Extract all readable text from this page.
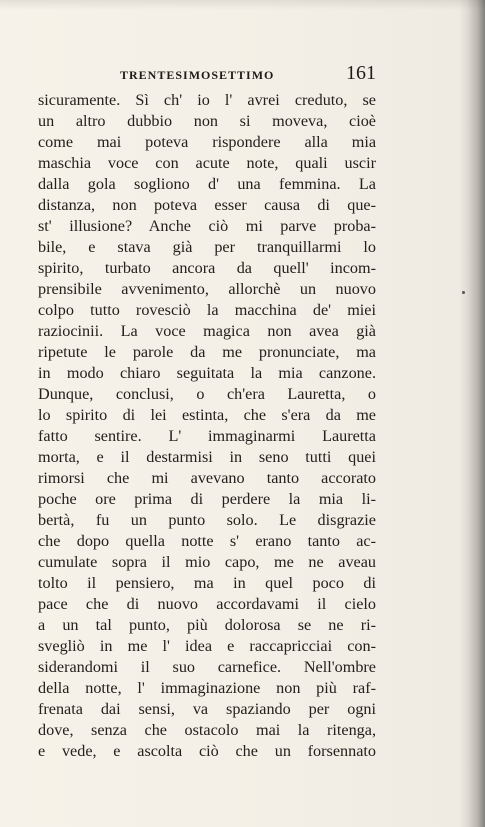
TRENTESIMOSETTIMO	161
sicuramente. Sì ch' io l' avrei creduto, se
un altro dubbio non si moveva, cioè
come mai poteva rispondere alla mia
maschia voce con acute note, quali uscir
dalla gola sogliono d' una femmina. La
distanza, non poteva esser causa di que-
st' illusione? Anche ciò mi parve proba-
bile, e stava già per tranquillarmi lo
spirito, turbato ancora da quell' incom-
prensibile avvenimento, allorchè un nuovo
colpo tutto rovesciò la macchina de' miei
raziocinii. La voce magica non avea già
ripetute le parole da me pronunciate, ma
in modo chiaro seguitata la mia canzone.
Dunque, conclusi, o ch'era Lauretta, o
lo spirito di lei estinta, che s'era da me
fatto sentire. L' immaginarmi Lauretta
morta, e il destarmisi in seno tutti quei
rimorsi che mi avevano tanto accorato
poche ore prima di perdere la mia li-
bertà, fu un punto solo. Le disgrazie
che dopo quella notte s' erano tanto ac-
cumulate sopra il mio capo, me ne aveau
tolto il pensiero, ma in quel poco di
pace che di nuovo accordavami il cielo
a un tal punto, più dolorosa se ne ri-
svegliò in me l' idea e raccapricciai con-
siderandomi il suo carnefice. Nell'ombre
della notte, l' immaginazione non più raf-
frenata dai sensi, va spaziando per ogni
dove, senza che ostacolo mai la ritenga,
e vede, e ascolta ciò che un forsennato
